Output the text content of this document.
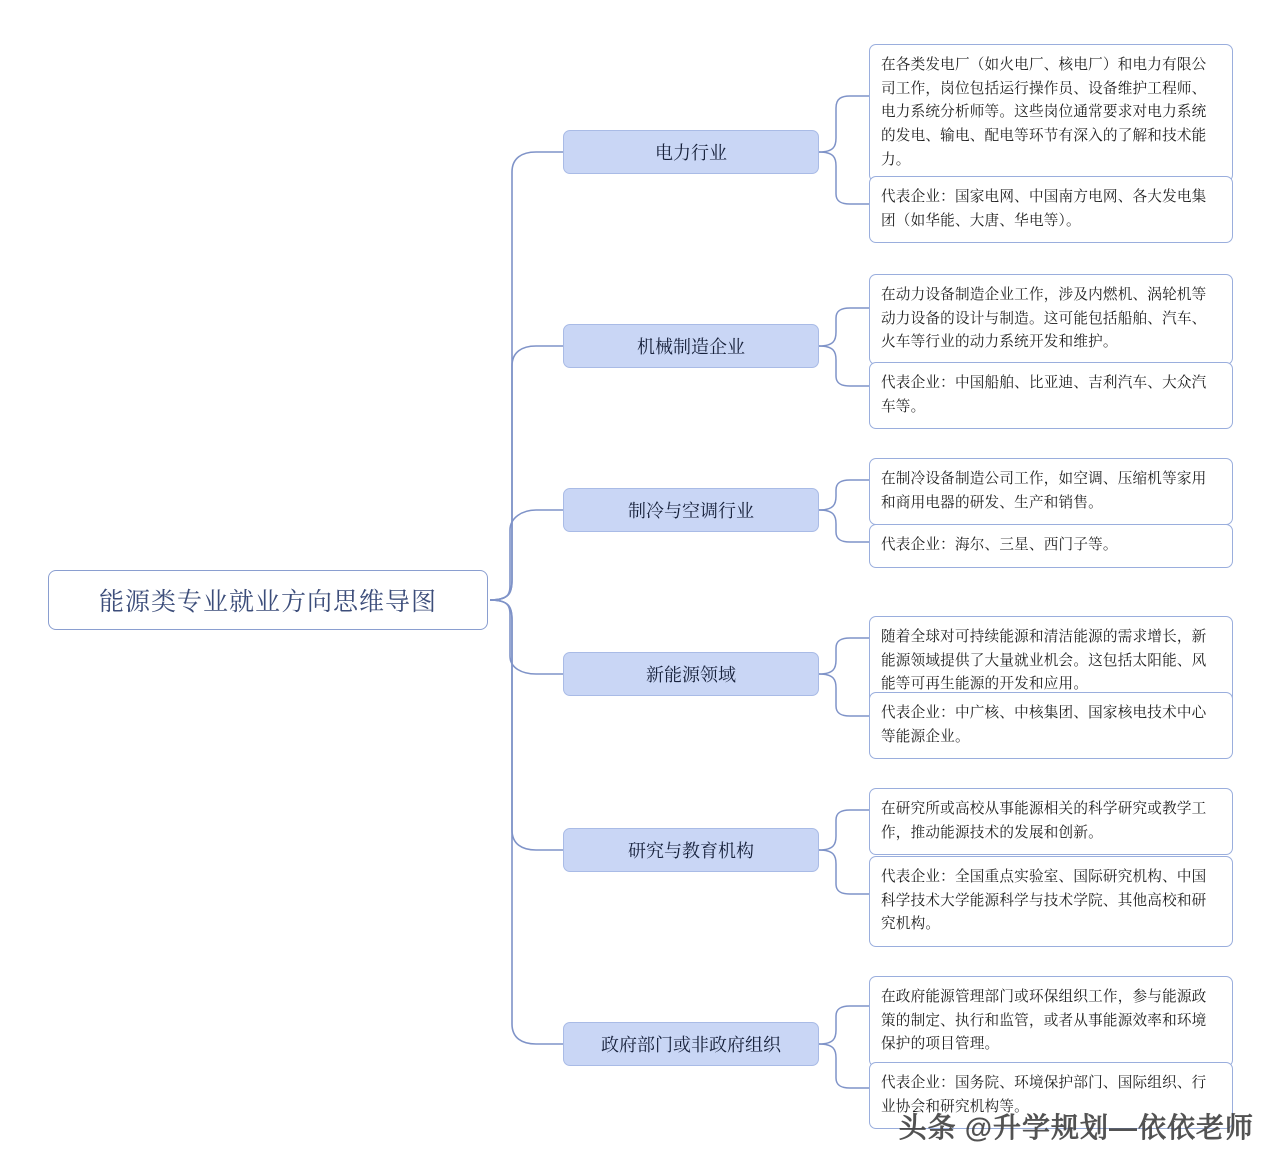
能源类专业就业方向思维导图
电力行业
在各类发电厂（如火电厂、核电厂）和电力有限公司工作，岗位包括运行操作员、设备维护工程师、电力系统分析师等。这些岗位通常要求对电力系统的发电、输电、配电等环节有深入的了解和技术能力。
代表企业：国家电网、中国南方电网、各大发电集团（如华能、大唐、华电等）。
机械制造企业
在动力设备制造企业工作，涉及内燃机、涡轮机等动力设备的设计与制造。这可能包括船舶、汽车、火车等行业的动力系统开发和维护。
代表企业：中国船舶、比亚迪、吉利汽车、大众汽车等。
制冷与空调行业
在制冷设备制造公司工作，如空调、压缩机等家用和商用电器的研发、生产和销售。
代表企业：海尔、三星、西门子等。
新能源领域
随着全球对可持续能源和清洁能源的需求增长，新能源领域提供了大量就业机会。这包括太阳能、风能等可再生能源的开发和应用。
代表企业：中广核、中核集团、国家核电技术中心等能源企业。
研究与教育机构
在研究所或高校从事能源相关的科学研究或教学工作，推动能源技术的发展和创新。
代表企业：全国重点实验室、国际研究机构、中国科学技术大学能源科学与技术学院、其他高校和研究机构。
政府部门或非政府组织
在政府能源管理部门或环保组织工作，参与能源政策的制定、执行和监管，或者从事能源效率和环境保护的项目管理。
代表企业：国务院、环境保护部门、国际组织、行业协会和研究机构等。
头条 @升学规划—依依老师
